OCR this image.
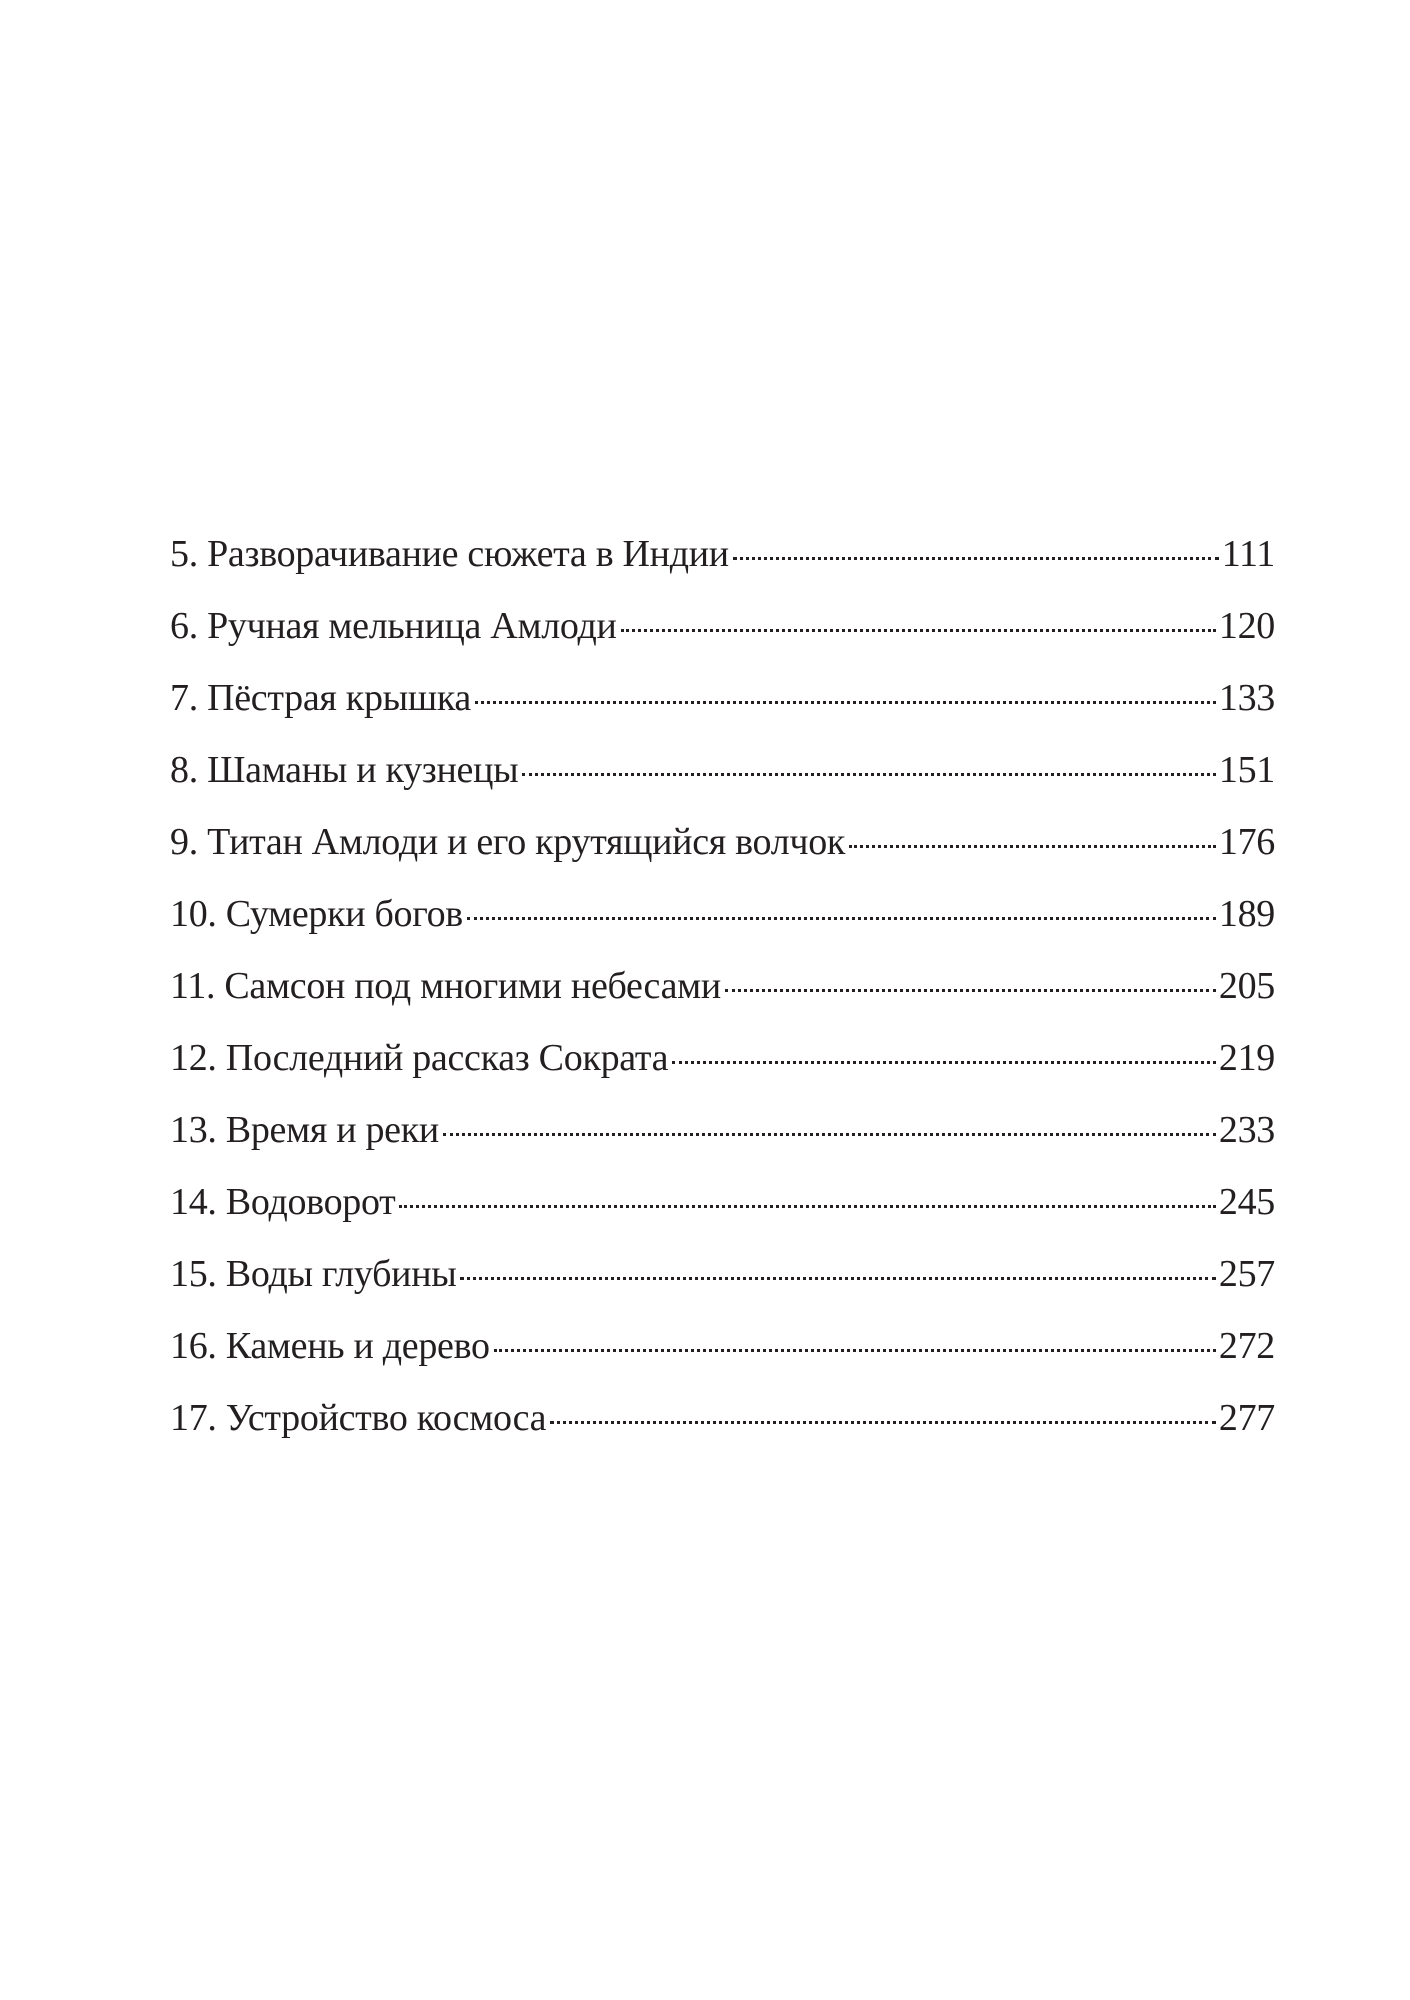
5. Разворачивание сюжета в Индии	111
6. Ручная мельница Амлоди	120
7. Пёстрая крышка	133
8. Шаманы и кузнецы	151
9. Титан Амлоди и его крутящийся волчок	176
10. Сумерки богов	189
11. Самсон под многими небесами	205
12. Последний рассказ Сократа	219
13. Время и реки	233
14. Водоворот	245
15. Воды глубины	257
16. Камень и дерево	272
17. Устройство космоса	277
